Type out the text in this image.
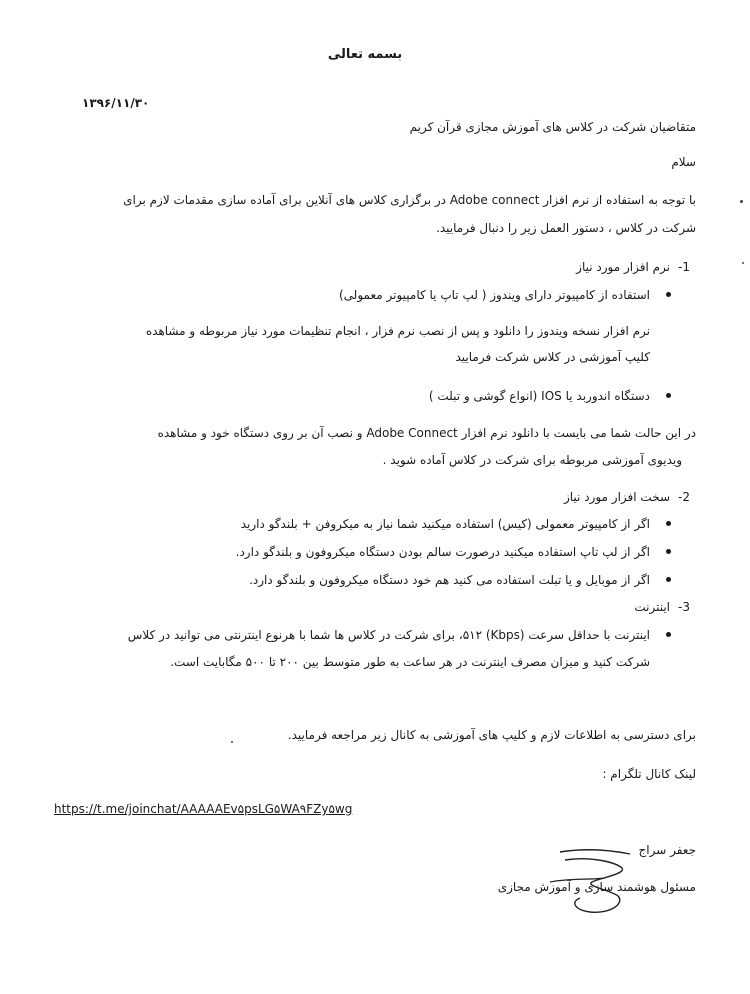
بسمه تعالی
۱۳۹۶/۱۱/۳۰
متقاضیان شرکت در کلاس های آموزش مجازی قرآن کریم
سلام
با توجه به استفاده از نرم افزار Adobe connect در برگزاری کلاس های آنلاین برای آماده سازی مقدمات لازم برای
شرکت در کلاس ، دستور العمل زیر را دنبال فرمایید.
-1
نرم افزار مورد نیاز
استفاده از کامپیوتر دارای ویندوز ( لپ تاپ یا کامپیوتر معمولی)
نرم افزار نسخه ویندوز را دانلود و پس از نصب نرم فزار ، انجام تنظیمات مورد نیاز مربوطه و مشاهده
کلیپ آموزشی در کلاس شرکت فرمایید
دستگاه اندوربد یا IOS (انواع گوشی و تبلت )
در این حالت شما می بایست با دانلود نرم افزار Adobe Connect و نصب آن بر روی دستگاه خود و مشاهده
ویدیوی آموزشی مربوطه برای شرکت در کلاس آماده شوید .
-2
سخت افزار مورد نیاز
اگر از کامپیوتر معمولی (کیس) استفاده میکنید شما نیاز به میکروفن + بلندگو دارید
اگر از لپ تاپ استفاده میکنید درصورت سالم بودن دستگاه میکروفون و بلندگو دارد.
اگر از موبایل و یا تبلت استفاده می کنید هم خود دستگاه میکروفون و بلندگو دارد.
-3
اینترنت
اینترنت با حداقل سرعت (Kbps) ۵۱۲، برای شرکت در کلاس ها شما با هرنوع اینترنتی می توانید در کلاس
شرکت کنید و میزان مصرف اینترنت در هر ساعت به طور متوسط بین ۲۰۰ تا ۵۰۰ مگابایت است.
برای دسترسی به اطلاعات لازم و کلیپ های آموزشی به کانال زیر مراجعه فرمایید.
لینک کانال تلگرام :
https://t.me/joinchat/AAAAAEv۵psLG۵WA۹FZy۵wg
جعفر سراج
مسئول هوشمند سازی و آموزش مجازی
